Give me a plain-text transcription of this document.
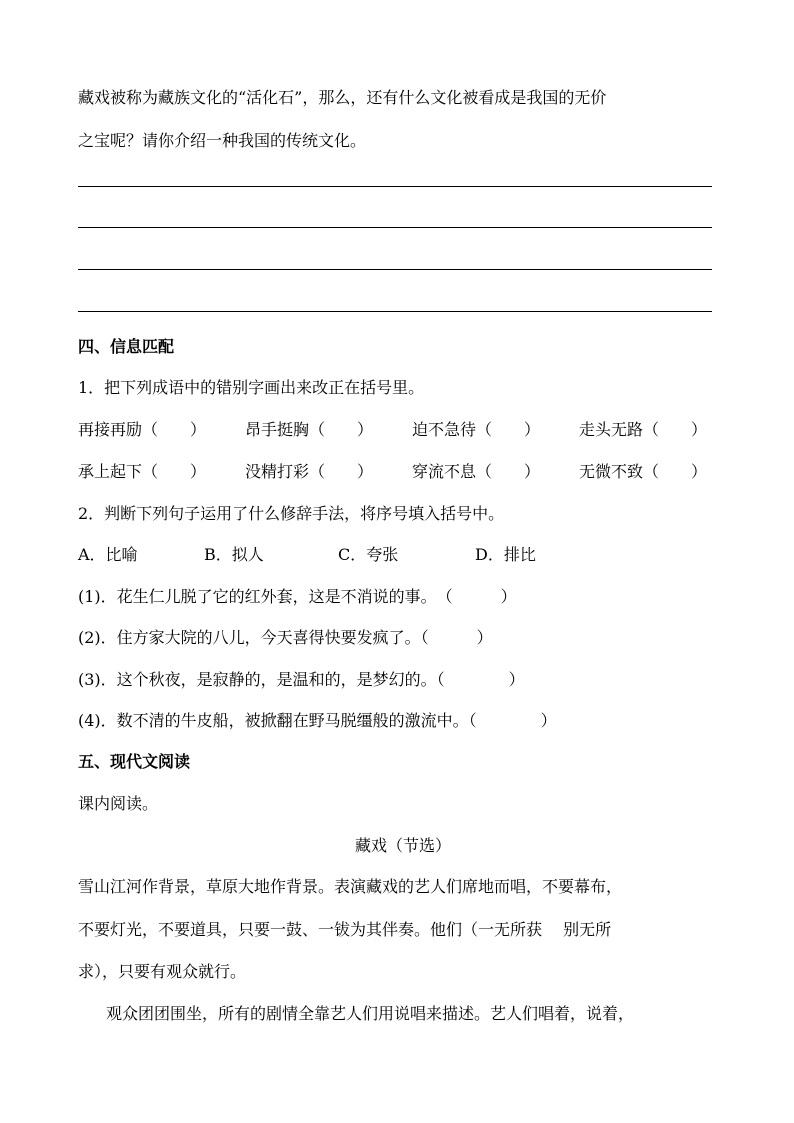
藏戏被称为藏族文化的“活化石”，那么，还有什么文化被看成是我国的无价
之宝呢？请你介绍一种我国的传统文化。
四、信息匹配
1．把下列成语中的错别字画出来改正在括号里。
再接再励（　　） 昂手挺胸（　　） 迫不急待（　　） 走头无路（　　）
承上起下（　　） 没精打彩（　　） 穿流不息（　　） 无微不致（　　）
2．判断下列句子运用了什么修辞手法，将序号填入括号中。
A．比喻	B．拟人	C．夸张	D．排比
(1)．花生仁儿脱了它的红外套，这是不消说的事。　（　　　）
(2)．住方家大院的八儿，今天喜得快要发疯了。（　　　）
(3)．这个秋夜，是寂静的，是温和的，是梦幻的。（　　　　）
(4)．数不清的牛皮船，被掀翻在野马脱缰般的激流中。（　　　　）
五、现代文阅读
课内阅读。
藏戏（节选）
雪山江河作背景，草原大地作背景。表演藏戏的艺人们席地而唱，不要幕布，
不要灯光，不要道具，只要一鼓、一钹为其伴奏。他们（一无所获　 别无所
求），只要有观众就行。
观众团团围坐，所有的剧情全靠艺人们用说唱来描述。艺人们唱着，说着，
